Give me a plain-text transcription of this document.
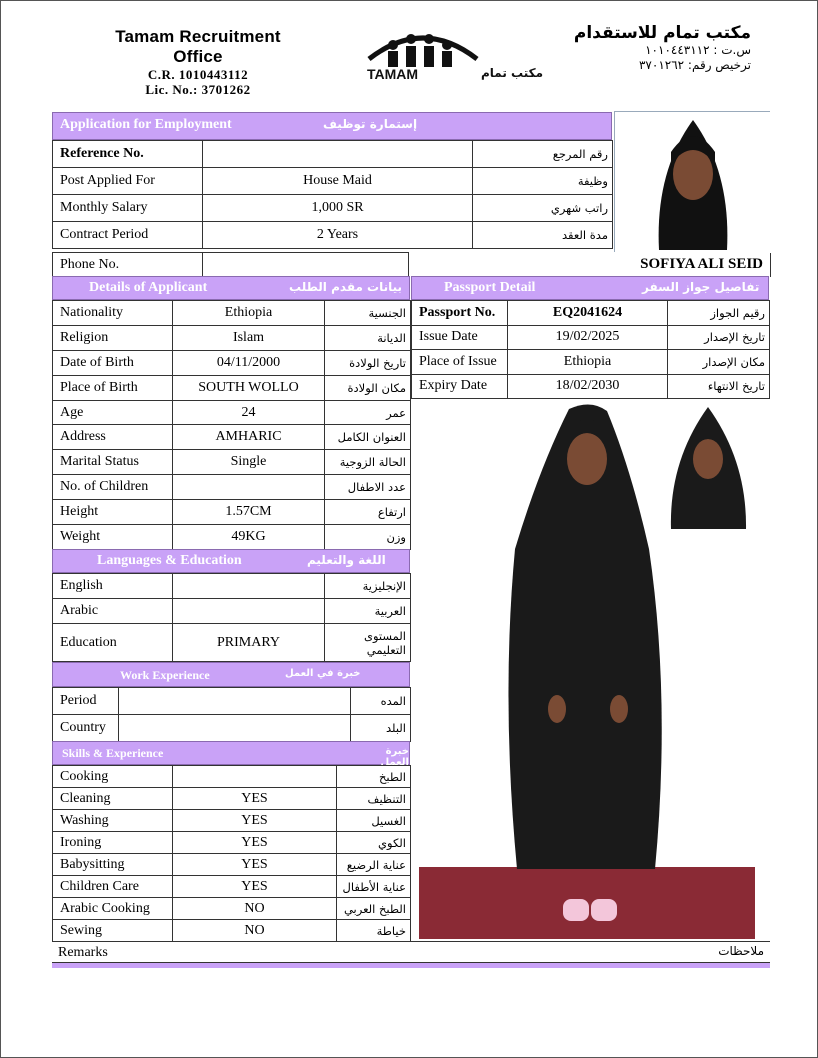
Tamam Recruitment Office
C.R. 1010443112
Lic. No.: 3701262
TAMAM	مكتب تمام
مكتب تمام للاستقدام
س.ت : ١٠١٠٤٤٣١١٢
ترخيص رقم: ٣٧٠١٢٦٢
Application for Employment	إستمارة توظيف
Reference No.		رقم المرجع
Post Applied For	House Maid	وظيفة
Monthly Salary	1,000 SR	راتب شهري
Contract Period	2 Years	مدة العقد
Phone No.		SOFIYA ALI SEID
Details of Applicant	بيانات مقدم الطلب
Nationality	Ethiopia	الجنسية
Religion	Islam	الديانة
Date of Birth	04/11/2000	تاريخ الولادة
Place of Birth	SOUTH WOLLO	مكان الولادة
Age	24	عمر
Address	AMHARIC	العنوان الكامل
Marital Status	Single	الحالة الزوجية
No. of Children		عدد الاطفال
Height	1.57CM	ارتفاع
Weight	49KG	وزن
Passport Detail	تفاصيل جواز السفر
Passport No.	EQ2041624	رقيم الجواز
Issue Date	19/02/2025	تاريخ الإصدار
Place of Issue	Ethiopia	مكان الإصدار
Expiry Date	18/02/2030	تاريخ الانتهاء
Languages & Education	اللغة والتعليم
English		الإنجليزية
Arabic		العربية
Education	PRIMARY	المستوى التعليمي
Work Experience	خبرة في العمل
Period		المده
Country		البلد
Skills & Experience	خبرة العمل
Cooking		الطبخ
Cleaning	YES	التنظيف
Washing	YES	الغسيل
Ironing	YES	الكوي
Babysitting	YES	عناية الرضيع
Children Care	YES	عناية الأطفال
Arabic Cooking	NO	الطبخ العربي
Sewing	NO	خياطة
Remarks	ملاحظات
